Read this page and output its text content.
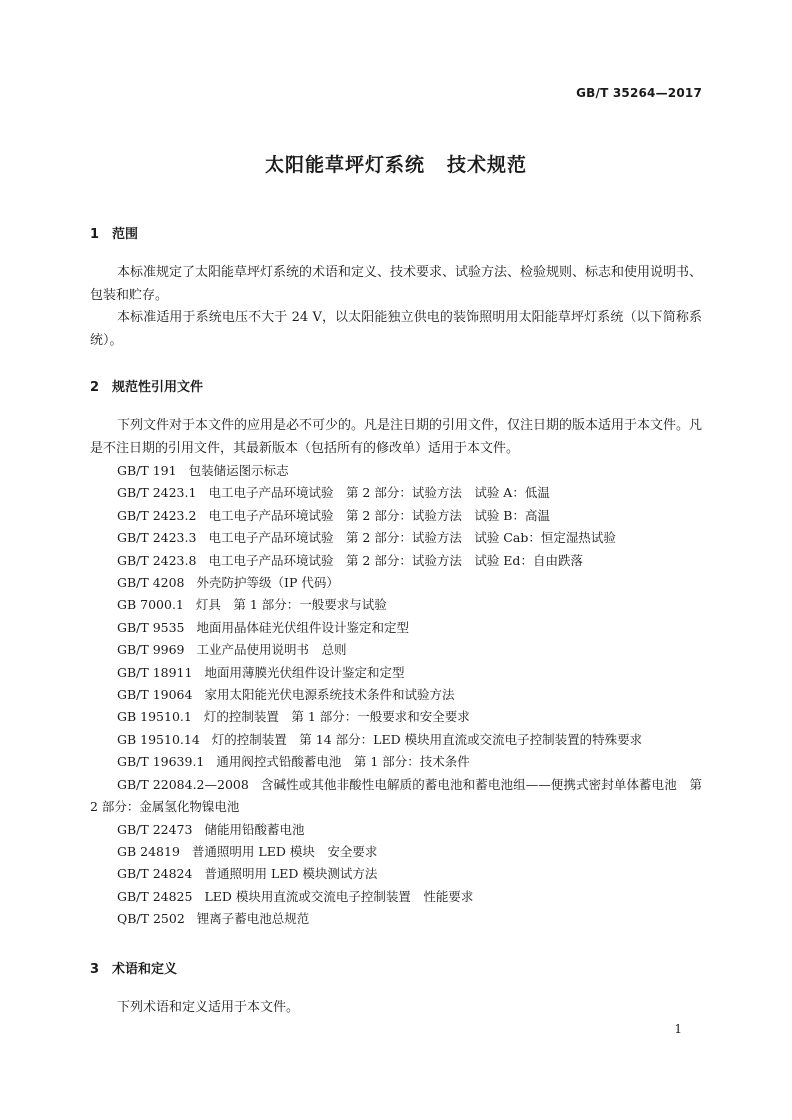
GB/T 35264—2017
太阳能草坪灯系统 技术规范
1 范围
本标准规定了太阳能草坪灯系统的术语和定义、技术要求、试验方法、检验规则、标志和使用说明书、包装和贮存。
本标准适用于系统电压不大于 24 V，以太阳能独立供电的装饰照明用太阳能草坪灯系统（以下简称系统）。
2 规范性引用文件
下列文件对于本文件的应用是必不可少的。凡是注日期的引用文件，仅注日期的版本适用于本文件。凡是不注日期的引用文件，其最新版本（包括所有的修改单）适用于本文件。
GB/T 191 包装储运图示标志
GB/T 2423.1 电工电子产品环境试验　第 2 部分：试验方法　试验 A：低温
GB/T 2423.2 电工电子产品环境试验　第 2 部分：试验方法　试验 B：高温
GB/T 2423.3 电工电子产品环境试验　第 2 部分：试验方法　试验 Cab：恒定湿热试验
GB/T 2423.8 电工电子产品环境试验　第 2 部分：试验方法　试验 Ed：自由跌落
GB/T 4208 外壳防护等级（IP 代码）
GB 7000.1 灯具　第 1 部分：一般要求与试验
GB/T 9535 地面用晶体硅光伏组件设计鉴定和定型
GB/T 9969 工业产品使用说明书　总则
GB/T 18911 地面用薄膜光伏组件设计鉴定和定型
GB/T 19064 家用太阳能光伏电源系统技术条件和试验方法
GB 19510.1 灯的控制装置　第 1 部分：一般要求和安全要求
GB 19510.14 灯的控制装置　第 14 部分：LED 模块用直流或交流电子控制装置的特殊要求
GB/T 19639.1 通用阀控式铅酸蓄电池　第 1 部分：技术条件
GB/T 22084.2—2008 含碱性或其他非酸性电解质的蓄电池和蓄电池组——便携式密封单体蓄电池　第 2 部分：金属氢化物镍电池
GB/T 22473 储能用铅酸蓄电池
GB 24819 普通照明用 LED 模块　安全要求
GB/T 24824 普通照明用 LED 模块测试方法
GB/T 24825 LED 模块用直流或交流电子控制装置　性能要求
QB/T 2502 锂离子蓄电池总规范
3 术语和定义
下列术语和定义适用于本文件。
1
